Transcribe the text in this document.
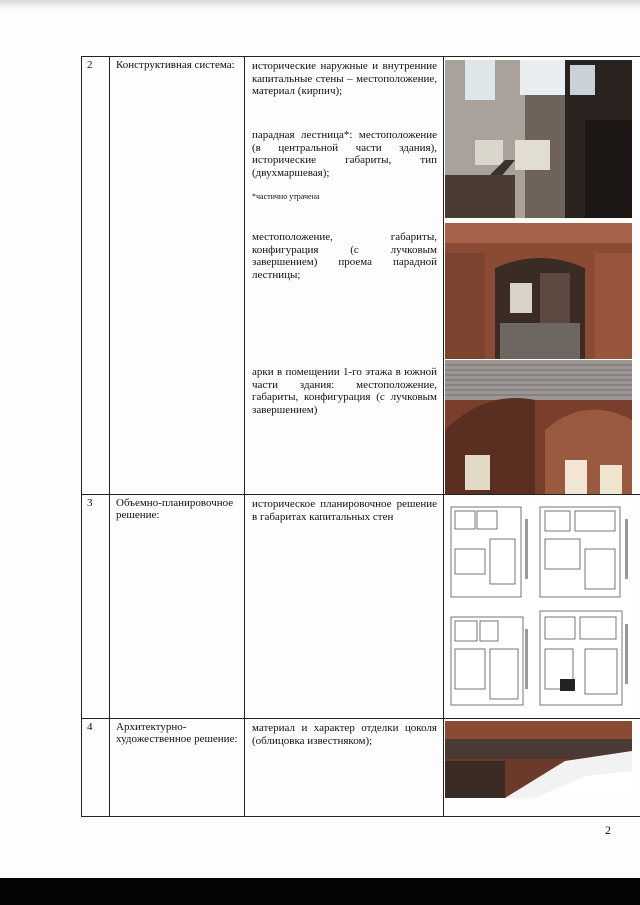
2	Конструктивная система:	исторические наружные и внутренние капитальные стены – местоположение, материал (кирпич);

парадная лестница*: местоположение (в центральной части здания), исторические габариты, тип (двухмаршевая);

*частично утрачена

местоположение, габариты, конфигурация (с лучковым завершением) проема парадной лестницы;

арки в помещении 1-го этажа в южной части здания: местоположение, габариты, конфигурация (с лучковым завершением)

3	Объемно-планировочное решение:	историческое планировочное решение в габаритах капитальных стен

4	Архитектурно-художественное решение:	материал и характер отделки цоколя (облицовка известняком);

2
